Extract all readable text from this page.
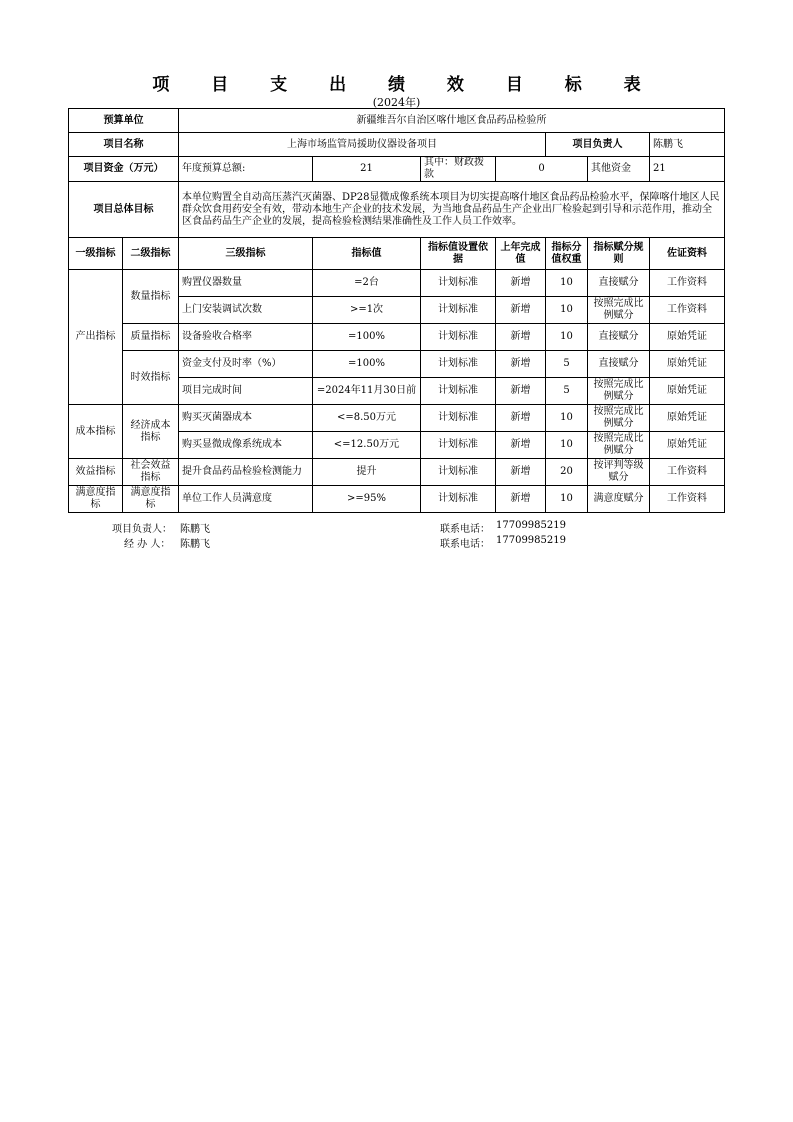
项 目 支 出 绩 效 目 标 表
(2024年)
预算单位		新疆维吾尔自治区喀什地区食品药品检验所						
项目名称		上海市场监管局援助仪器设备项目				项目负责人		陈鹏飞
项目资金（万元）		年度预算总额:	21	其中：财政拨款	0		其他资金	21
项目总体目标		本单位购置全自动高压蒸汽灭菌器、DP28显微成像系统本项目为切实提高喀什地区食品药品检验水平，保障喀什地区人民群众饮食用药安全有效，带动本地生产企业的技术发展，为当地食品药品生产企业出厂检验起到引导和示范作用，推动全区食品药品生产企业的发展，提高检验检测结果准确性及工作人员工作效率。						
一级指标	二级指标	三级指标	指标值	指标值设置依据	上年完成值	指标分值权重	指标赋分规则	佐证资料
产出指标	数量指标	购置仪器数量	=2台	计划标准	新增	10	直接赋分	工作资料
		上门安装调试次数	>=1次	计划标准	新增	10	按照完成比例赋分	工作资料
	质量指标	设备验收合格率	=100%	计划标准	新增	10	直接赋分	原始凭证
	时效指标	资金支付及时率（%）	=100%	计划标准	新增	5	直接赋分	原始凭证
		项目完成时间	=2024年11月30日前	计划标准	新增	5	按照完成比例赋分	原始凭证
成本指标	经济成本指标	购买灭菌器成本	<=8.50万元	计划标准	新增	10	按照完成比例赋分	原始凭证
		购买显微成像系统成本	<=12.50万元	计划标准	新增	10	按照完成比例赋分	原始凭证
效益指标	社会效益指标	提升食品药品检验检测能力	提升	计划标准	新增	20	按评判等级赋分	工作资料
满意度指标	满意度指标	单位工作人员满意度	>=95%	计划标准	新增	10	满意度赋分	工作资料
项目负责人： 陈鹏飞	联系电话： 17709985219
经 办 人： 陈鹏飞	联系电话： 17709985219
